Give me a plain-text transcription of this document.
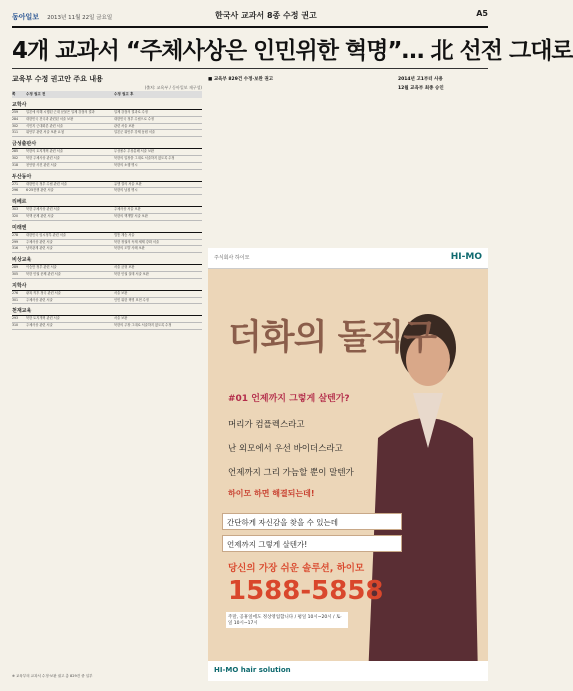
동아일보 2013년 11월 22일 금요일	한국사 교과서 8종 수정 권고	A5
4개 교과서 “주체사상은 인민위한 혁명”… 北 선전 그대로
교육부 수정 권고안 주요 내용
(출처: 교육부 / 동아일보 재구성)
쪽	수정 권고 전	수정 권고 후
교학사
259	일본에 의해 시행된 근대 문물은 일제 강점의 결과	일제 강점의 결과로 수정
284	대한민국 건국과 관련된 서술 보완	대한민국 정부 수립으로 수정
302	식민지 근대화론 관련 서술	관련 서술 보완
311	위안부 관련 서술 보완 요청	일본군 위안부 강제 동원 서술
금성출판사
285	북한의 토지개혁 관련 서술	무상몰수 무상분배 서술 보완
302	북한 주체사상 관련 서술	북한의 입장을 그대로 서술하지 않도록 수정
318	천안함 사건 관련 서술	북한의 소행 명시
두산동아
271	대한민국 정부 수립 관련 서술	유엔 결의 서술 보완
296	6·25전쟁 관련 서술	북한의 남침 명시
리베르
303	북한 주체사상 관련 서술	주체사상 서술 보완
320	북핵 문제 관련 서술	북한의 핵개발 서술 보완
미래엔
278	대한민국 임시정부 관련 서술	법통 계승 서술
299	주체사상 관련 서술	북한 정권의 독재 체제 강화 서술
316	남북관계 관련 서술	북한의 도발 사례 보완
비상교육
289	이승만 정부 관련 서술	서술 균형 보완
305	북한 인권 문제 관련 서술	북한 인권 실태 서술 보완
지학사
276	광복 직후 정국 관련 서술	서술 보완
301	주체사상 관련 서술	인민 위한 혁명 표현 수정
천재교육
293	북한 토지개혁 관련 서술	서술 보완
310	주체사상 관련 서술	북한의 주장 그대로 서술하지 않도록 수정
※ 교육부의 교과서 수정·보완 권고 총 829건 중 일부
■ 교육부 829건 수정·보완 권고	2014년 고1부터 사용
12월 교육부 최종 승인
주식회사 하이모	HI-MO
더화의 돌직구
#01 언제까지 그렇게 살텐가?
머리가 컴플렉스라고
난 외모에서 우선 바이더스라고
언제까지 그리 가늠할 뿐이 말텐가
하이모 하면 해결되는데!
간단하게 자신감을 찾을 수 있는데
언제까지 그렇게 살텐가!
당신의 가장 쉬운 솔루션, 하이모
1588-5858
주말, 공휴일에도 정상영업합니다 / 평일 10시~20시 / 토·일 10시~17시
HI-MO hair solution
